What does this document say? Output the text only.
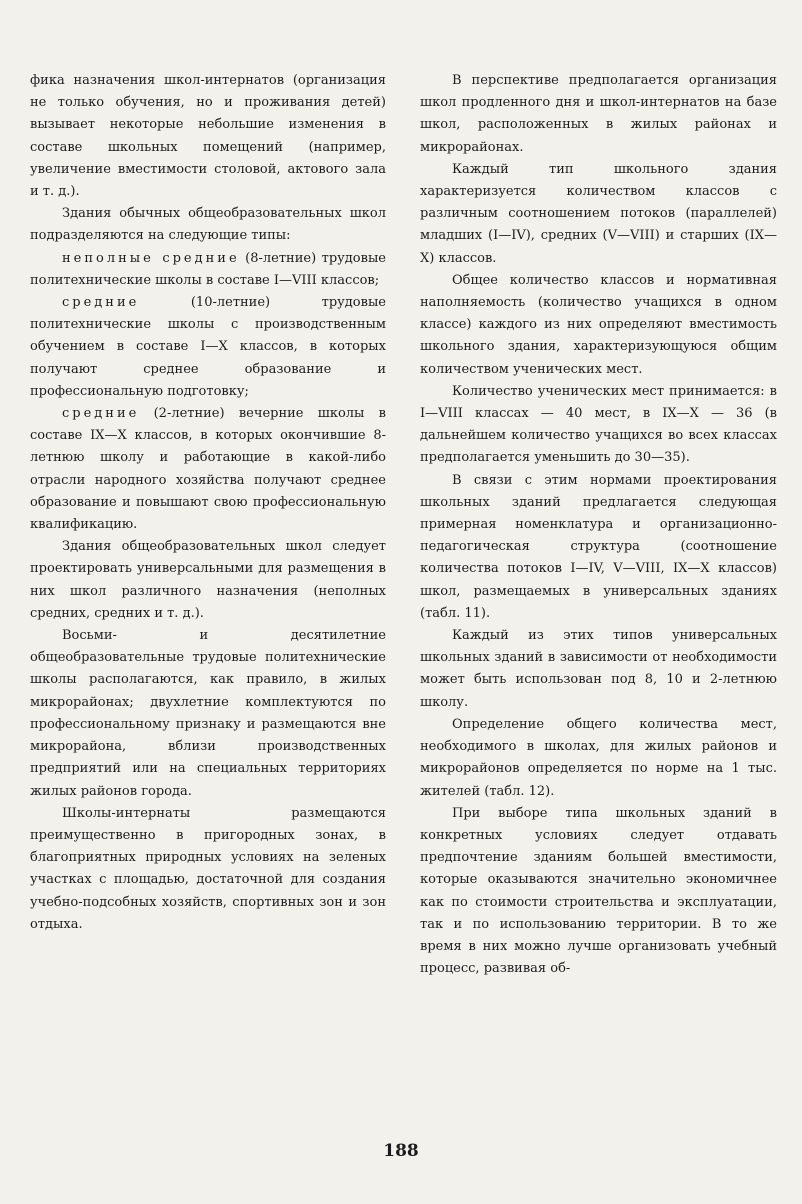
фика назначения школ-интернатов (организация не только обучения, но и проживания детей) вызывает некоторые небольшие изменения в составе школьных помещений (например, увеличение вместимости столовой, актового зала и т. д.).

Здания обычных общеобразовательных школ подразделяются на следующие типы:

неполные средние (8-летние) трудовые политехнические школы в составе I—VIII классов;

средние (10-летние) трудовые политехнические школы с производственным обучением в составе I—X классов, в которых получают среднее образование и профессиональную подготовку;

средние (2-летние) вечерние школы в составе IX—X классов, в которых окончившие 8-летнюю школу и работающие в какой-либо отрасли народного хозяйства получают среднее образование и повышают свою профессиональную квалификацию.

Здания общеобразовательных школ следует проектировать универсальными для размещения в них школ различного назначения (неполных средних, средних и т. д.).

Восьми- и десятилетние общеобразовательные трудовые политехнические школы располагаются, как правило, в жилых микрорайонах; двухлетние комплектуются по профессиональному признаку и размещаются вне микрорайона, вблизи производственных предприятий или на специальных территориях жилых районов города.

Школы-интернаты размещаются преимущественно в пригородных зонах, в благоприятных природных условиях на зеленых участках с площадью, достаточной для создания учебно-подсобных хозяйств, спортивных зон и зон отдыха.

В перспективе предполагается организация школ продленного дня и школ-интернатов на базе школ, расположенных в жилых районах и микрорайонах.

Каждый тип школьного здания характеризуется количеством классов с различным соотношением потоков (параллелей) младших (I—IV), средних (V—VIII) и старших (IX—X) классов.

Общее количество классов и нормативная наполняемость (количество учащихся в одном классе) каждого из них определяют вместимость школьного здания, характеризующуюся общим количеством ученических мест.

Количество ученических мест принимается: в I—VIII классах — 40 мест, в IX—X — 36 (в дальнейшем количество учащихся во всех классах предполагается уменьшить до 30—35).

В связи с этим нормами проектирования школьных зданий предлагается следующая примерная номенклатура и организационно-педагогическая структура (соотношение количества потоков I—IV, V—VIII, IX—X классов) школ, размещаемых в универсальных зданиях (табл. 11).

Каждый из этих типов универсальных школьных зданий в зависимости от необходимости может быть использован под 8, 10 и 2-летнюю школу.

Определение общего количества мест, необходимого в школах, для жилых районов и микрорайонов определяется по норме на 1 тыс. жителей (табл. 12).

При выборе типа школьных зданий в конкретных условиях следует отдавать предпочтение зданиям большей вместимости, которые оказываются значительно экономичнее как по стоимости строительства и эксплуатации, так и по использованию территории. В то же время в них можно лучше организовать учебный процесс, развивая об-

188
